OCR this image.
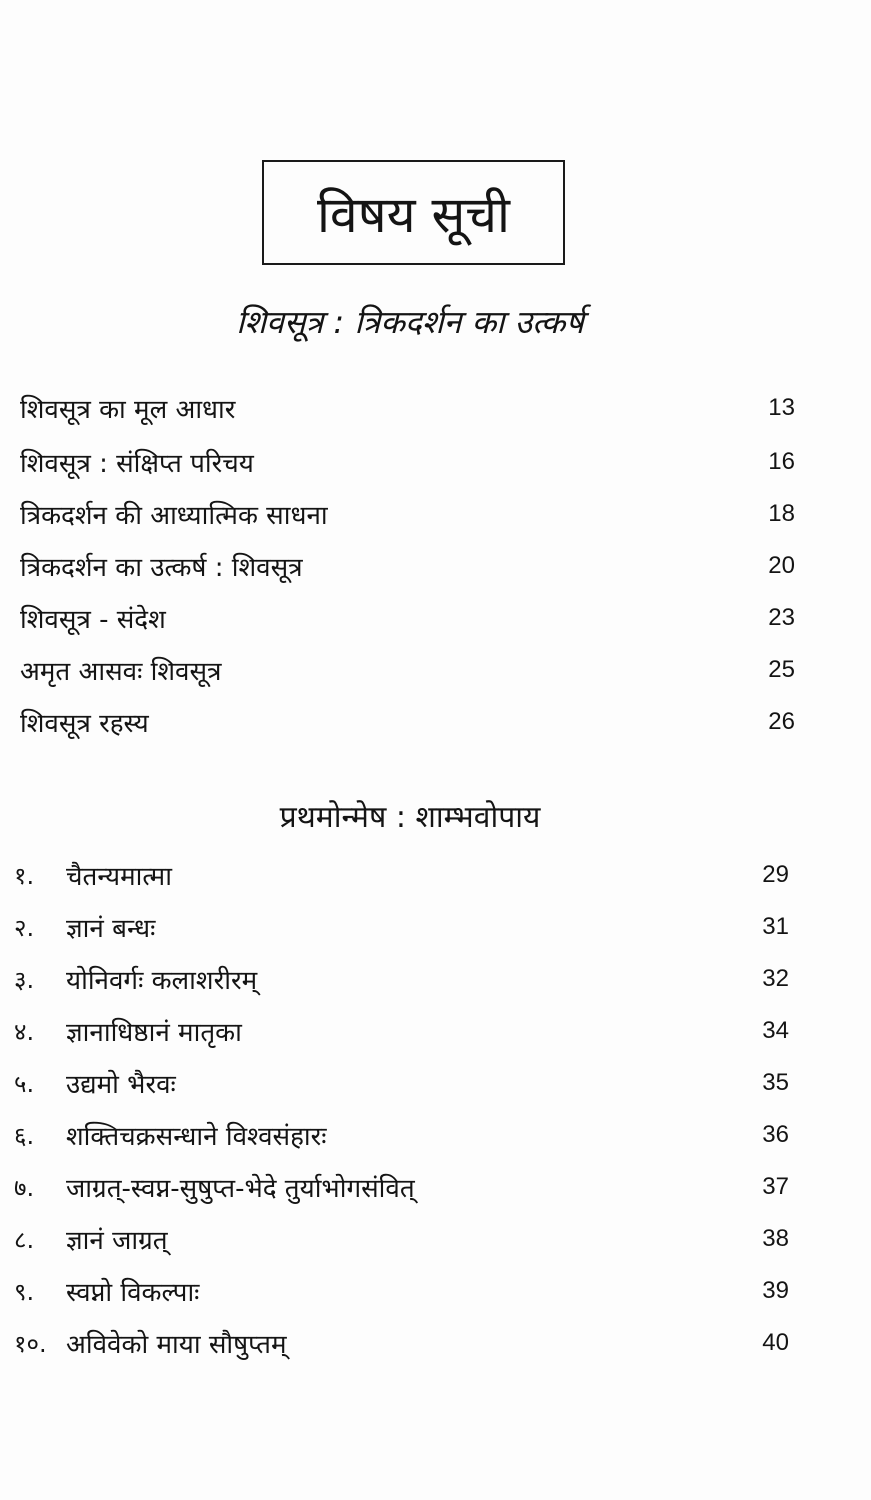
विषय सूची
शिवसूत्र : त्रिकदर्शन का उत्कर्ष
शिवसूत्र का मूल आधार	13
शिवसूत्र : संक्षिप्त परिचय	16
त्रिकदर्शन की आध्यात्मिक साधना	18
त्रिकदर्शन का उत्कर्ष : शिवसूत्र	20
शिवसूत्र - संदेश	23
अमृत आसवः शिवसूत्र	25
शिवसूत्र रहस्य	26
प्रथमोन्मेष : शाम्भवोपाय
१.	चैतन्यमात्मा	29
२.	ज्ञानं बन्धः	31
३.	योनिवर्गः कलाशरीरम्	32
४.	ज्ञानाधिष्ठानं मातृका	34
५.	उद्यमो भैरवः	35
६.	शक्तिचक्रसन्धाने विश्वसंहारः	36
७.	जाग्रत्-स्वप्न-सुषुप्त-भेदे तुर्याभोगसंवित्	37
८.	ज्ञानं जाग्रत्	38
९.	स्वप्नो विकल्पाः	39
१०. अविवेको माया सौषुप्तम्	40
